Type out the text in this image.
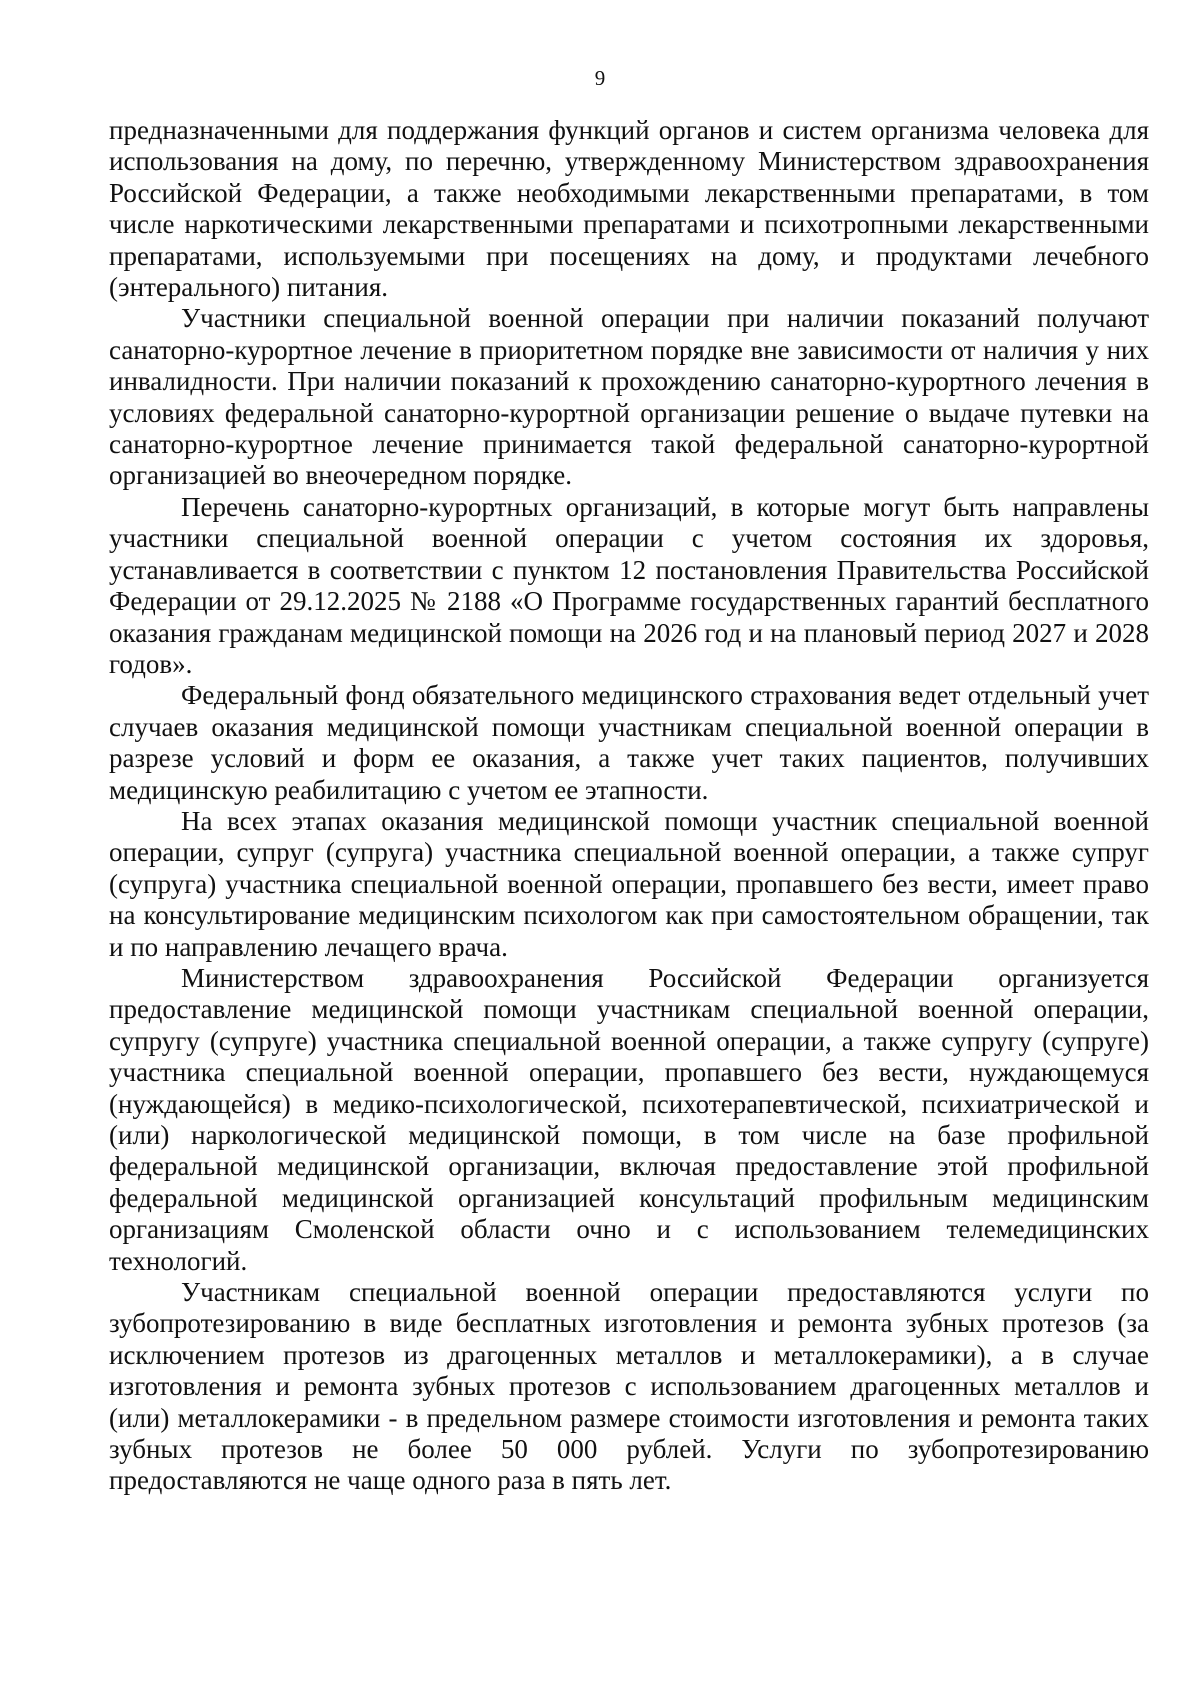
9

предназначенными для поддержания функций органов и систем организма человека для использования на дому, по перечню, утвержденному Министерством здравоохранения Российской Федерации, а также необходимыми лекарственными препаратами, в том числе наркотическими лекарственными препаратами и психотропными лекарственными препаратами, используемыми при посещениях на дому, и продуктами лечебного (энтерального) питания.

Участники специальной военной операции при наличии показаний получают санаторно-курортное лечение в приоритетном порядке вне зависимости от наличия у них инвалидности. При наличии показаний к прохождению санаторно-курортного лечения в условиях федеральной санаторно-курортной организации решение о выдаче путевки на санаторно-курортное лечение принимается такой федеральной санаторно-курортной организацией во внеочередном порядке.

Перечень санаторно-курортных организаций, в которые могут быть направлены участники специальной военной операции с учетом состояния их здоровья, устанавливается в соответствии с пунктом 12 постановления Правительства Российской Федерации от 29.12.2025 № 2188 «О Программе государственных гарантий бесплатного оказания гражданам медицинской помощи на 2026 год и на плановый период 2027 и 2028 годов».

Федеральный фонд обязательного медицинского страхования ведет отдельный учет случаев оказания медицинской помощи участникам специальной военной операции в разрезе условий и форм ее оказания, а также учет таких пациентов, получивших медицинскую реабилитацию с учетом ее этапности.

На всех этапах оказания медицинской помощи участник специальной военной операции, супруг (супруга) участника специальной военной операции, а также супруг (супруга) участника специальной военной операции, пропавшего без вести, имеет право на консультирование медицинским психологом как при самостоятельном обращении, так и по направлению лечащего врача.

Министерством здравоохранения Российской Федерации организуется предоставление медицинской помощи участникам специальной военной операции, супругу (супруге) участника специальной военной операции, а также супругу (супруге) участника специальной военной операции, пропавшего без вести, нуждающемуся (нуждающейся) в медико-психологической, психотерапевтической, психиатрической и (или) наркологической медицинской помощи, в том числе на базе профильной федеральной медицинской организации, включая предоставление этой профильной федеральной медицинской организацией консультаций профильным медицинским организациям Смоленской области очно и с использованием телемедицинских технологий.

Участникам специальной военной операции предоставляются услуги по зубопротезированию в виде бесплатных изготовления и ремонта зубных протезов (за исключением протезов из драгоценных металлов и металлокерамики), а в случае изготовления и ремонта зубных протезов с использованием драгоценных металлов и (или) металлокерамики - в предельном размере стоимости изготовления и ремонта таких зубных протезов не более 50 000 рублей. Услуги по зубопротезированию предоставляются не чаще одного раза в пять лет.
